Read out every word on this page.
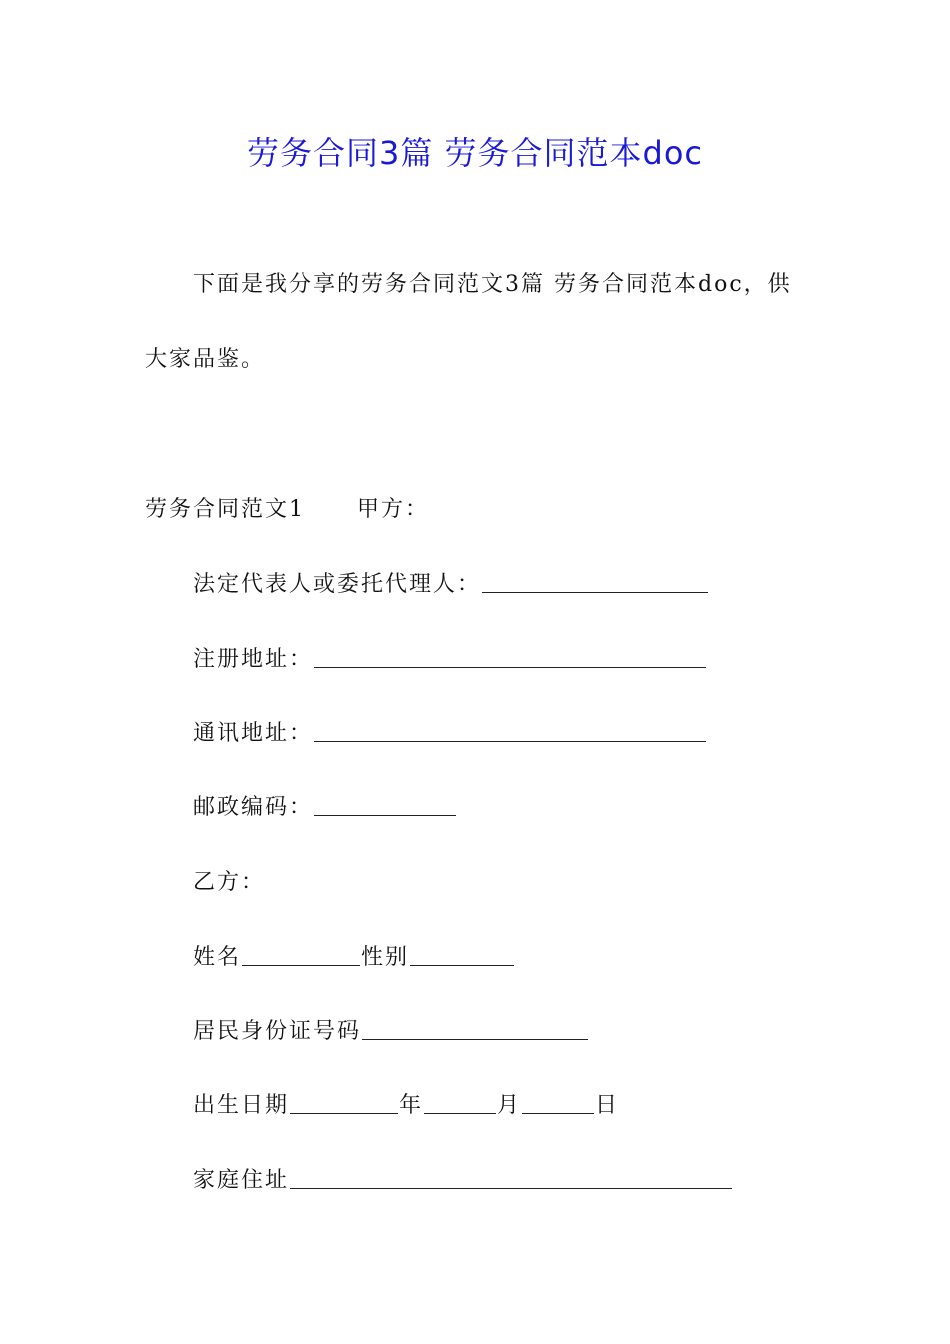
劳务合同3篇 劳务合同范本doc
下面是我分享的劳务合同范文3篇 劳务合同范本doc，供
大家品鉴。
劳务合同范文1 甲方：
法定代表人或委托代理人：
注册地址：
通讯地址：
邮政编码：
乙方：
姓名	性别
居民身份证号码
出生日期	年	月	日
家庭住址
